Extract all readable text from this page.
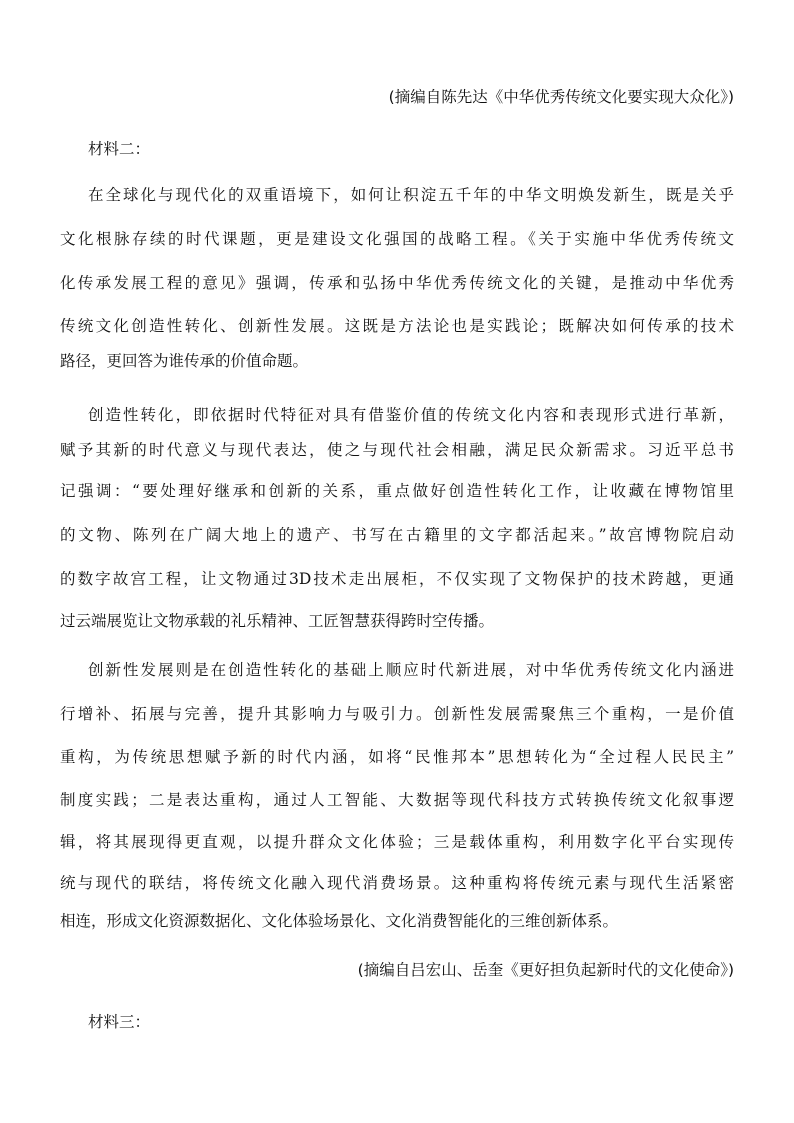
(摘编自陈先达《中华优秀传统文化要实现大众化》)
材料二：
在全球化与现代化的双重语境下，如何让积淀五千年的中华文明焕发新生，既是关乎
文化根脉存续的时代课题，更是建设文化强国的战略工程。《关于实施中华优秀传统文
化传承发展工程的意见》强调，传承和弘扬中华优秀传统文化的关键，是推动中华优秀
传统文化创造性转化、创新性发展。这既是方法论也是实践论；既解决如何传承的技术
路径，更回答为谁传承的价值命题。
创造性转化，即依据时代特征对具有借鉴价值的传统文化内容和表现形式进行革新，
赋予其新的时代意义与现代表达，使之与现代社会相融，满足民众新需求。习近平总书
记强调：“要处理好继承和创新的关系，重点做好创造性转化工作，让收藏在博物馆里
的文物、陈列在广阔大地上的遗产、书写在古籍里的文字都活起来。”故宫博物院启动
的数字故宫工程，让文物通过3D技术走出展柜，不仅实现了文物保护的技术跨越，更通
过云端展览让文物承载的礼乐精神、工匠智慧获得跨时空传播。
创新性发展则是在创造性转化的基础上顺应时代新进展，对中华优秀传统文化内涵进
行增补、拓展与完善，提升其影响力与吸引力。创新性发展需聚焦三个重构，一是价值
重构，为传统思想赋予新的时代内涵，如将“民惟邦本”思想转化为“全过程人民民主”
制度实践；二是表达重构，通过人工智能、大数据等现代科技方式转换传统文化叙事逻
辑，将其展现得更直观，以提升群众文化体验；三是载体重构，利用数字化平台实现传
统与现代的联结，将传统文化融入现代消费场景。这种重构将传统元素与现代生活紧密
相连，形成文化资源数据化、文化体验场景化、文化消费智能化的三维创新体系。
(摘编自吕宏山、岳奎《更好担负起新时代的文化使命》)
材料三：
